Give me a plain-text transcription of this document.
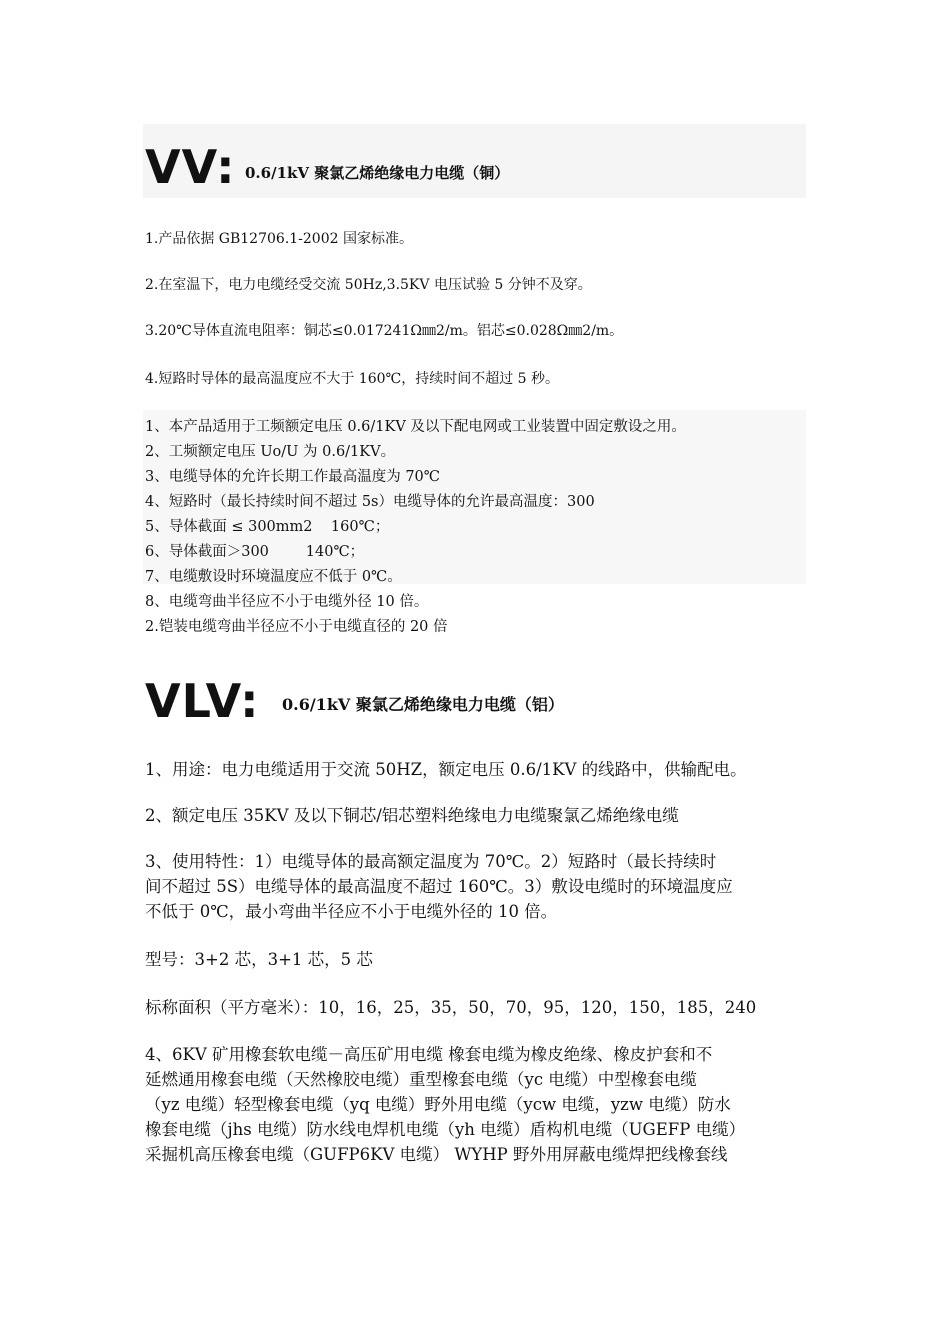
VV: 0.6/1kV 聚氯乙烯绝缘电力电缆（铜）
1.产品依据 GB12706.1-2002 国家标准。
2.在室温下，电力电缆经受交流 50Hz,3.5KV 电压试验 5 分钟不及穿。
3.20℃导体直流电阻率：铜芯≤0.017241Ω㎜2/m。铝芯≤0.028Ω㎜2/m。
4.短路时导体的最高温度应不大于 160℃，持续时间不超过 5 秒。
1、本产品适用于工频额定电压 0.6/1KV 及以下配电网或工业装置中固定敷设之用。
2、工频额定电压 Uo/U 为 0.6/1KV。
3、电缆导体的允许长期工作最高温度为 70℃
4、短路时（最长持续时间不超过 5s）电缆导体的允许最高温度：300
5、导体截面 ≤ 300mm2    160℃；
6、导体截面＞300        140℃；
7、电缆敷设时环境温度应不低于 0℃。
8、电缆弯曲半径应不小于电缆外径 10 倍。
2.铠装电缆弯曲半径应不小于电缆直径的 20 倍
VLV: 0.6/1kV 聚氯乙烯绝缘电力电缆（铝）
1、用途：电力电缆适用于交流 50HZ，额定电压 0.6/1KV 的线路中，供输配电。
2、额定电压 35KV 及以下铜芯/铝芯塑料绝缘电力电缆聚氯乙烯绝缘电缆
3、使用特性：1）电缆导体的最高额定温度为 70℃。2）短路时（最长持续时
间不超过 5S）电缆导体的最高温度不超过 160℃。3）敷设电缆时的环境温度应
不低于 0℃，最小弯曲半径应不小于电缆外径的 10 倍。
型号：3+2 芯，3+1 芯，5 芯
标称面积（平方毫米）：10，16，25，35，50，70，95，120，150，185，240
4、6KV 矿用橡套软电缆－高压矿用电缆 橡套电缆为橡皮绝缘、橡皮护套和不
延燃通用橡套电缆（天然橡胶电缆）重型橡套电缆（yc 电缆）中型橡套电缆
（yz 电缆）轻型橡套电缆（yq 电缆）野外用电缆（ycw 电缆，yzw 电缆）防水
橡套电缆（jhs 电缆）防水线电焊机电缆（yh 电缆）盾构机电缆（UGEFP 电缆）
采掘机高压橡套电缆（GUFP6KV 电缆） WYHP 野外用屏蔽电缆焊把线橡套线
